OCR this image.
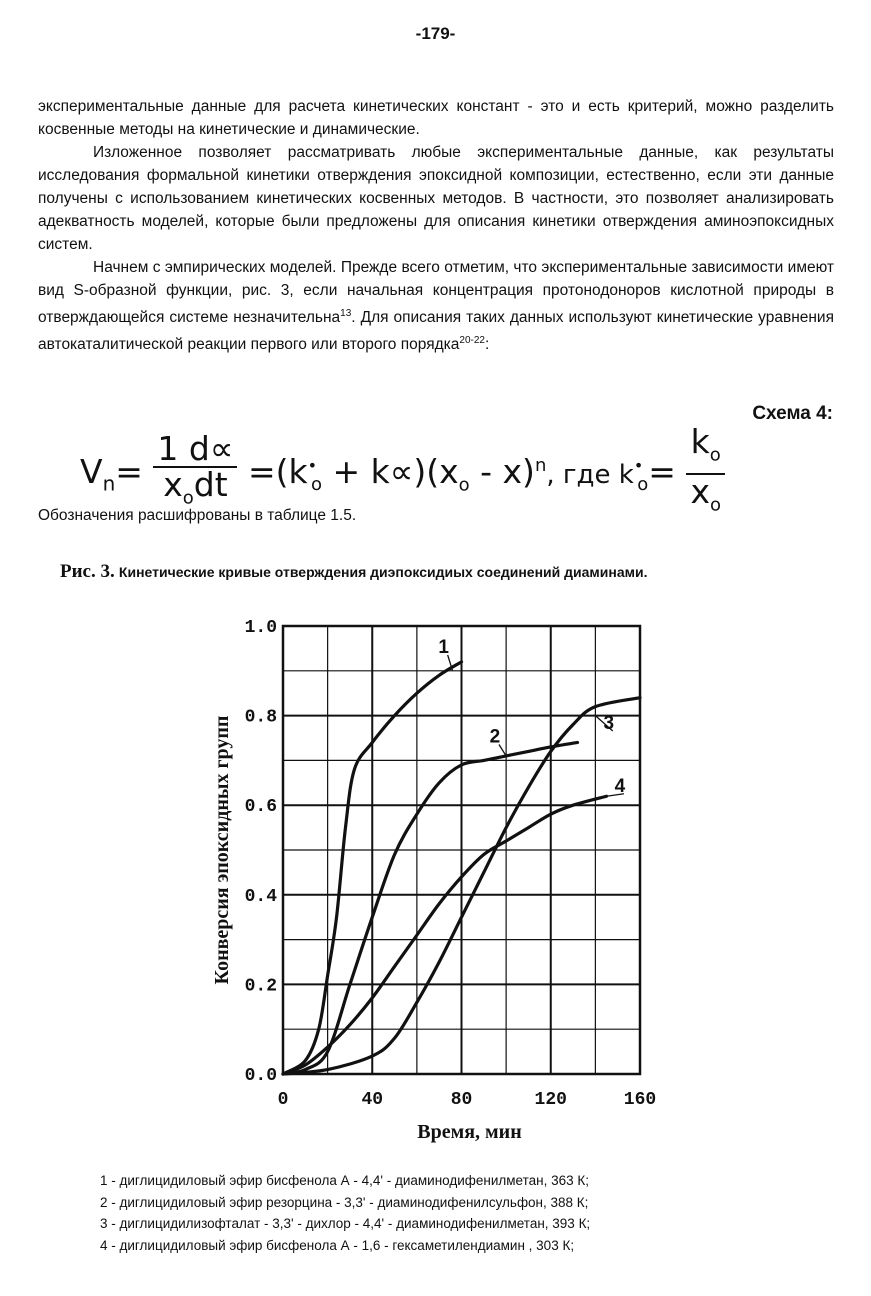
-179-

экспериментальные данные для расчета кинетических констант - это и есть критерий, можно разделить косвенные методы на кинетические и динамические.

Изложенное позволяет рассматривать любые экспериментальные данные, как результаты исследования формальной кинетики отверждения эпоксидной композиции, естественно, если эти данные получены с использованием кинетических косвенных методов. В частности, это позволяет анализировать адекватность моделей, которые были предложены для описания кинетики отверждения аминоэпоксидных систем.

Начнем с эмпирических моделей. Прежде всего отметим, что экспериментальные зависимости имеют вид S-образной функции, рис. 3, если начальная концентрация протонодоноров кислотной природы в отверждающейся системе незначительна$^{13}$. Для описания таких данных используют кинетические уравнения автокаталитической реакции первого или второго порядка$^{20-22}$:

Схема 4:
$V_n= \frac{1 d\propto}{x_odt} =(k^•_o + k\propto)(x_o - x)^n$, где $k^•_o= \frac{k_o}{x_o}$
Обозначения расшифрованы в таблице 1.5.
Рис. 3. Кинетические кривые отверждения диэпоксидиых соединений диаминами.
0	40	80	120	160
0.0
0.2
0.4
0.6
0.8
1.0
Время, мин
Конверсия эпоксидных групп
1
2
3
4
1 - диглицидиловый эфир бисфенола А - 4,4' - диаминодифенилметан, 363 К;
2 - диглицидиловый эфир резорцина - 3,3' - диаминодифенилсульфон, 388 К;
3 - диглицидилизофталат - 3,3' - дихлор - 4,4' - диаминодифенилметан, 393 К;
4 - диглицидиловый эфир бисфенола А - 1,6 - гексаметилендиамин , 303 К;
